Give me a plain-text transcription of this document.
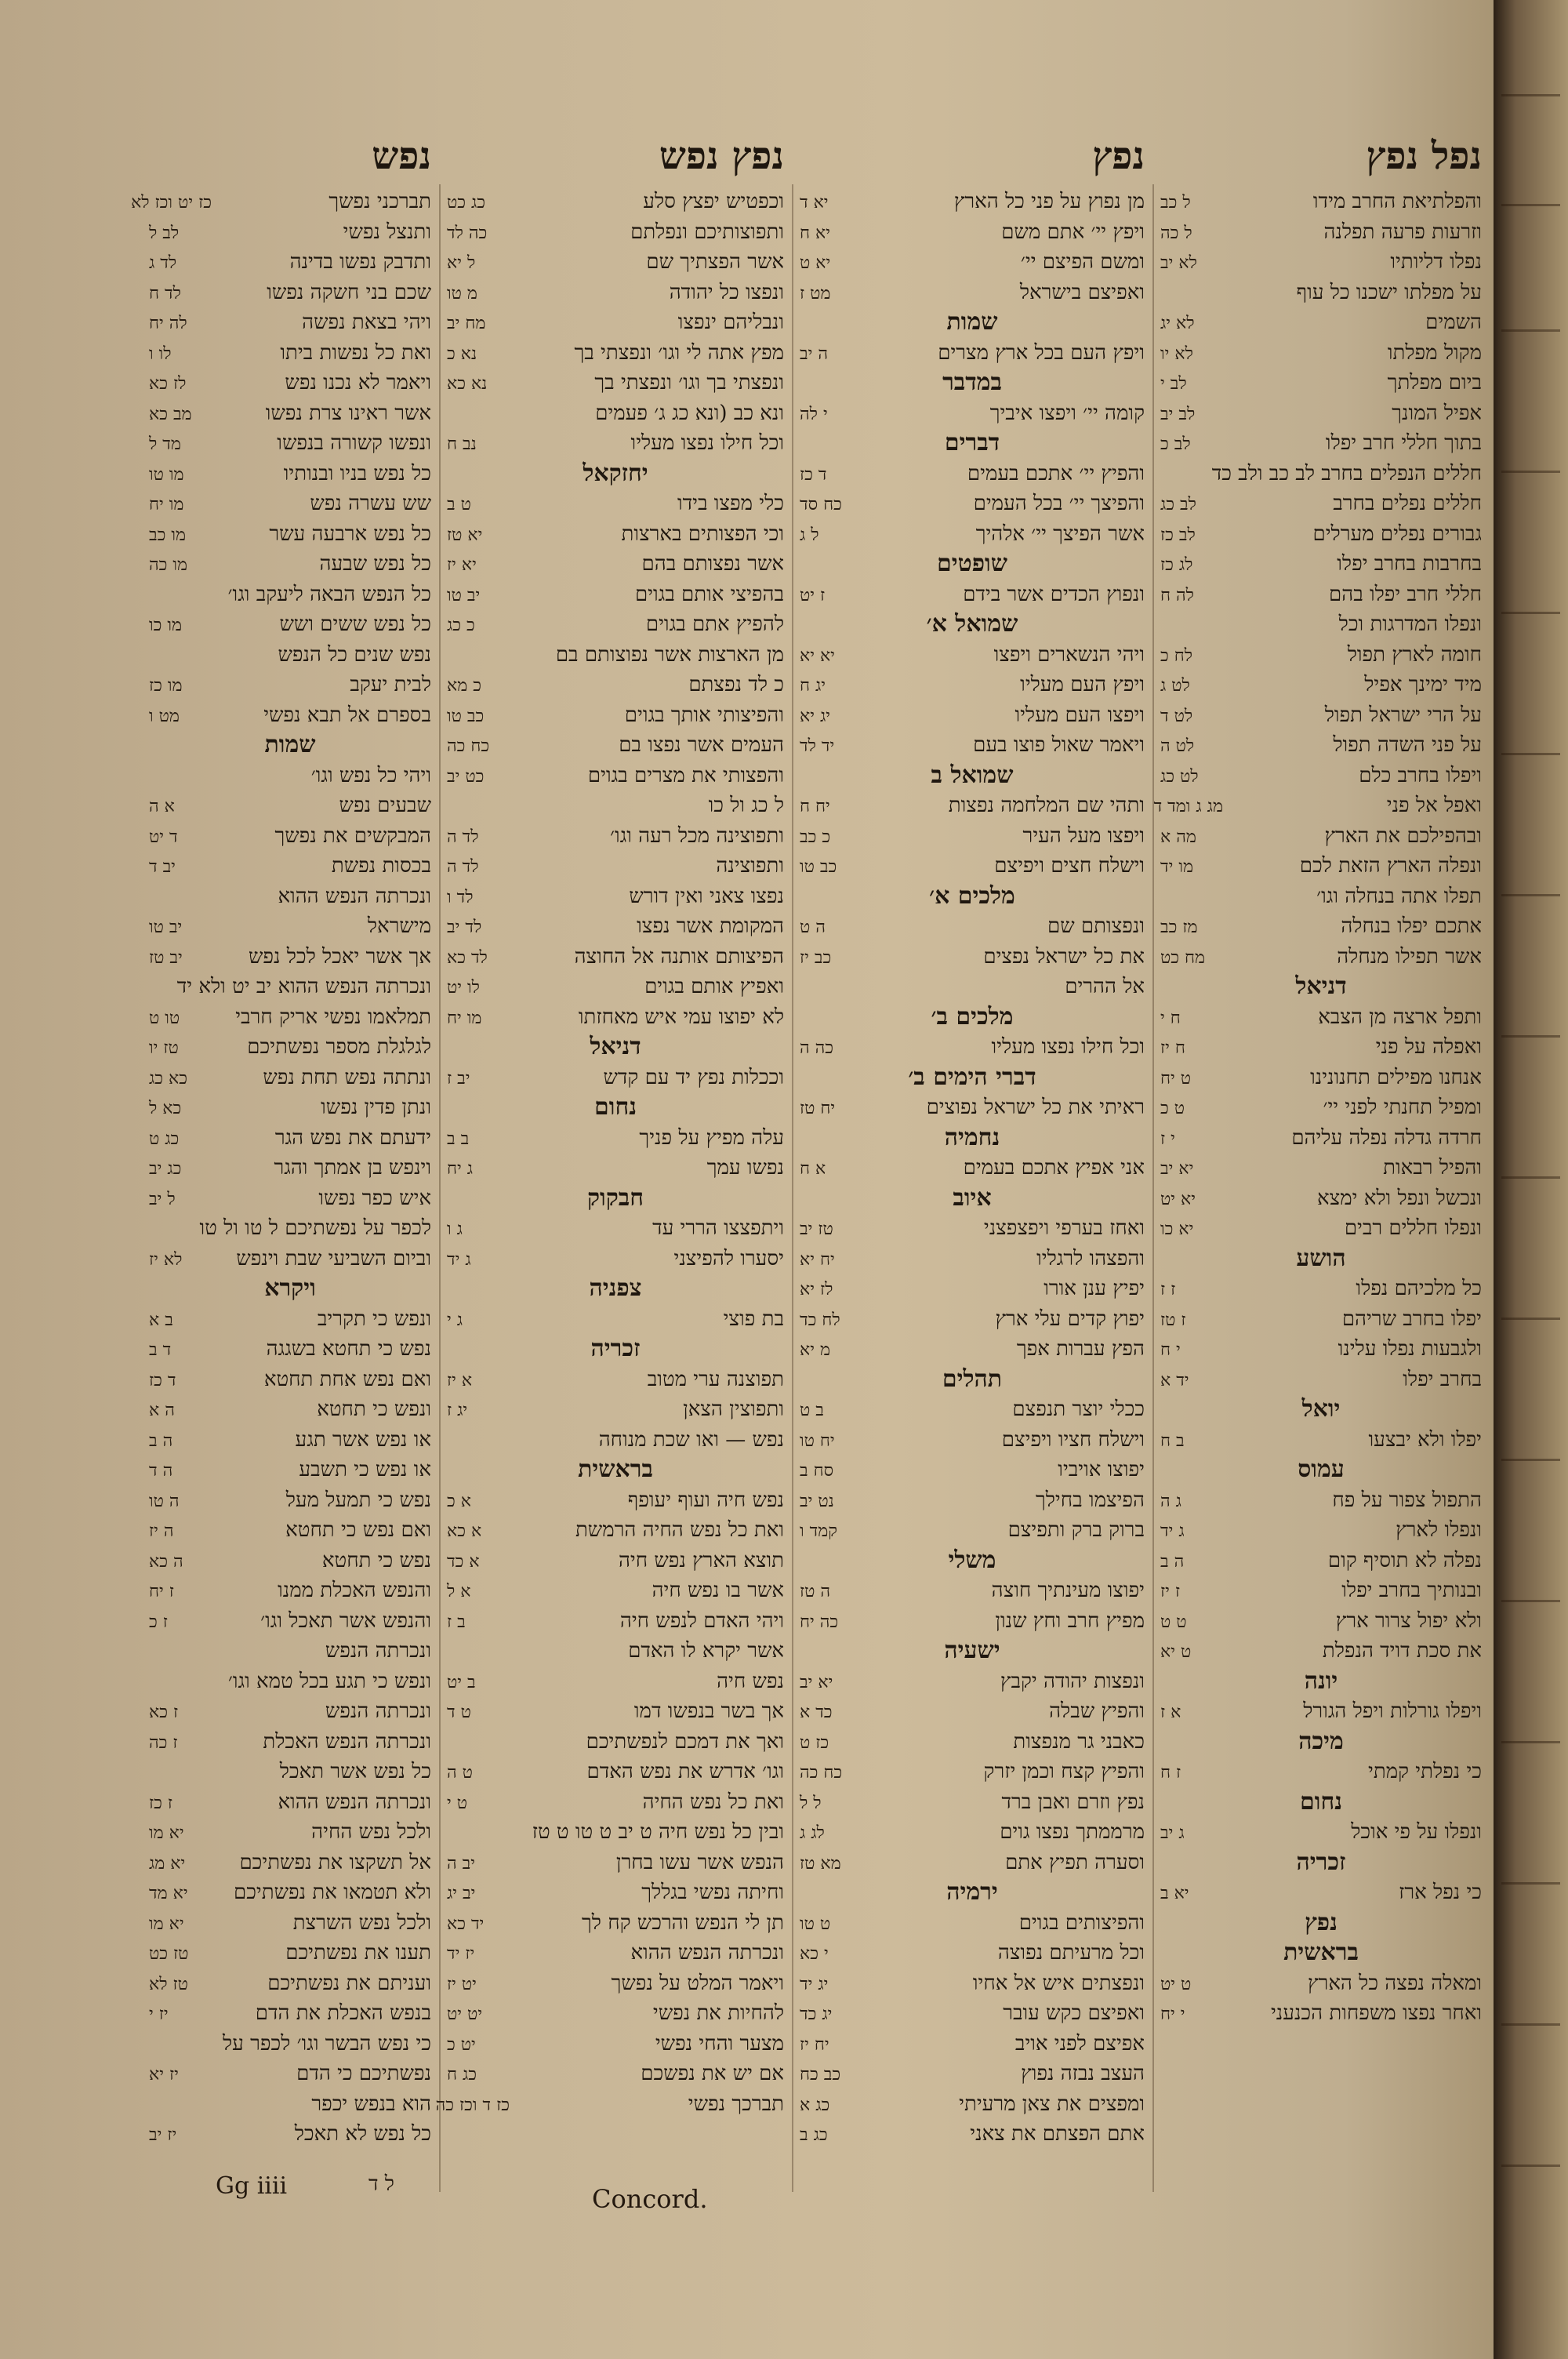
נפל נפץ
והפלתיאת החרב מידו
ל כב
וזרעות פרעה תפלנה
ל כה
נפלו דליותיו
לא יב
על מפלתו ישכנו כל עוף
השמים
לא יג
מקול מפלתו
לא יו
ביום מפלתך
לב י
אפיל המונך
לב יב
בתוך חללי חרב יפלו
לב כ
חללים הנפלים בחרב לב כב ולב כד
חללים נפלים בחרב
לב כג
גבורים נפלים מערלים
לב כז
בחרבות בחרב יפלו
לג כז
חללי חרב יפלו בהם
לה ח
ונפלו המדרגות וכל
חומה לארץ תפול
לח כ
מיד ימינך אפיל
לט ג
על הרי ישראל תפול
לט ד
על פני השדה תפול
לט ה
ויפלו בחרב כלם
לט כג
ואפל אל פני
מג ג ומד ד
ובהפילכם את הארץ
מה א
ונפלה הארץ הזאת לכם
מו יד
תפלו אתה בנחלה וגו׳
אתכם יפלו בנחלה
מז כב
אשר תפילו מנחלה
מח כט
דניאל
ותפל ארצה מן הצבא
ח י
ואפלה על פני
ח יז
אנחנו מפילים תחנונינו
ט יח
ומפיל תחנתי לפני יי׳
ט כ
חרדה גדלה נפלה עליהם
י ז
והפיל רבאות
יא יב
ונכשל ונפל ולא ימצא
יא יט
ונפלו חללים רבים
יא כו
הושע
כל מלכיהם נפלו
ז ז
יפלו בחרב שריהם
ז טז
ולגבעות נפלו עלינו
י ח
בחרב יפלו
יד א
יואל
יפלו ולא יבצעו
ב ח
עמוס
התפול צפור על פח
ג ה
ונפלו לארץ
ג יד
נפלה לא תוסיף קום
ה ב
ובנותיך בחרב יפלו
ז יז
ולא יפול צרור ארץ
ט ט
את סכת דויד הנפלת
ט יא
יונה
ויפלו גורלות ויפל הגורל
א ז
מיכה
כי נפלתי קמתי
ז ח
נחום
ונפלו על פי אוכל
ג יב
זכריה
כי נפל ארז
יא ב
נפץ
בראשית
ומאלה נפצה כל הארץ
ט יט
ואחר נפצו משפחות הכנעני
י יח
נפץ
מן נפוץ על פני כל הארץ
יא ד
ויפץ יי׳ אתם משם
יא ח
ומשם הפיצם יי׳
יא ט
ואפיצם בישראל
מט ז
שמות
ויפץ העם בכל ארץ מצרים
ה יב
במדבר
קומה יי׳ ויפצו איביך
י לה
דברים
והפיץ יי׳ אתכם בעמים
ד כז
והפיצך יי׳ בכל העמים
כח סד
אשר הפיצך יי׳ אלהיך
ל ג
שופטים
ונפוץ הכדים אשר בידם
ז יט
שמואל א׳
ויהי הנשארים ויפצו
יא יא
ויפץ העם מעליו
יג ח
ויפצו העם מעליו
יג יא
ויאמר שאול פוצו בעם
יד לד
שמואל ב
ותהי שם המלחמה נפצות
יח ח
ויפצו מעל העיר
כ כב
וישלח חצים ויפיצם
כב טו
מלכים א׳
ונפצותם שם
ה ט
את כל ישראל נפצים
כב יז
אל ההרים
מלכים ב׳
וכל חילו נפצו מעליו
כה ה
דברי הימים ב׳
ראיתי את כל ישראל נפוצים
יח טז
נחמיה
אני אפיץ אתכם בעמים
א ח
איוב
ואחז בערפי ויפצפצני
טז יב
והפצהו לרגליו
יח יא
יפיץ ענן אורו
לז יא
יפוץ קדים עלי ארץ
לח כד
הפץ עברות אפך
מ יא
תהלים
ככלי יוצר תנפצם
ב ט
וישלח חציו ויפיצם
יח טו
יפוצו אויביו
סח ב
הפיצמו בחילך
נט יב
ברוק ברק ותפיצם
קמד ו
משלי
יפוצו מעינתיך חוצה
ה טז
מפיץ חרב וחץ שנון
כה יח
ישעיה
ונפצות יהודה יקבץ
יא יב
והפיץ שבלה
כד א
כאבני גר מנפצות
כז ט
והפיץ קצח וכמן יזרק
כח כה
נפץ וזרם ואבן ברד
ל ל
מרממתך נפצו גוים
לג ג
וסערה תפיץ אתם
מא טז
ירמיה
והפיצותים בגוים
ט טו
וכל מרעיתם נפוצה
י כא
ונפצתים איש אל אחיו
יג יד
ואפיצם כקש עובר
יג כד
אפיצם לפני אויב
יח יז
העצב נבזה נפוץ
כב כח
ומפצים את צאן מרעיתי
כג א
אתם הפצתם את צאני
כג ב
נפץ נפש
וכפטיש יפצץ סלע
כג כט
ותפוצותיכם ונפלתם
כה לד
אשר הפצתיך שם
ל יא
ונפצו כל יהודה
מ טו
ונבליהם ינפצו
מח יב
מפץ אתה לי וגו׳ ונפצתי בך
נא כ
ונפצתי בך וגו׳ ונפצתי בך
נא כא
ונא כב (ונא כג ג׳ פעמים
וכל חילו נפצו מעליו
נב ח
יחזקאל
כלי מפצו בידו
ט ב
וכי הפצותים בארצות
יא טז
אשר נפצותם בהם
יא יז
בהפיצי אותם בגוים
יב טו
להפיץ אתם בגוים
כ כג
מן הארצות אשר נפוצותם בם
כ לד נפצתם
כ מא
והפיצותי אותך בגוים
כב טו
העמים אשר נפצו בם
כח כה
והפצותי את מצרים בגוים
כט יב
ל כג ול כו
ותפוצינה מכל רעה וגו׳
לד ה
ותפוצינה
לד ה
נפצו צאני ואין דורש
לד ו
המקומת אשר נפצו
לד יב
הפיצותם אותנה אל החוצה
לד כא
ואפיץ אותם בגוים
לו יט
לא יפוצו עמי איש מאחזתו
מו יח
דניאל
וככלות נפץ יד עם קדש
יב ז
נחום
עלה מפיץ על פניך
ב ב
נפשו עמך
ג יח
חבקוק
ויתפצצו הררי עד
ג ו
יסערו להפיצני
ג יד
צפניה
בת פוצי
ג י
זכריה
תפוצנה ערי מטוב
א יז
ותפוצין הצאן
יג ז
נפש — ואו שכת מנוחה
בראשית
נפש חיה ועוף יעופף
א כ
ואת כל נפש החיה הרמשת
א כא
תוצא הארץ נפש חיה
א כד
אשר בו נפש חיה
א ל
ויהי האדם לנפש חיה
ב ז
אשר יקרא לו האדם
נפש חיה
ב יט
אך בשר בנפשו דמו
ט ד
ואך את דמכם לנפשתיכם
וגו׳ אדרש את נפש האדם
ט ה
ואת כל נפש החיה
ט י
ובין כל נפש חיה ט יב ט טו ט טז
הנפש אשר עשו בחרן
יב ה
וחיתה נפשי בגללך
יב יג
תן לי הנפש והרכש קח לך
יד כא
ונכרתה הנפש ההוא
יז יד
ויאמר המלט על נפשך
יט יז
להחיות את נפשי
יט יט
מצער והחי נפשי
יט כ
אם יש את נפשכם
כג ח
תברכך נפשי
כז ד וכז כה
נפש
תברכני נפשך
כז יט וכז לא
ותנצל נפשי
לב ל
ותדבק נפשו בדינה
לד ג
שכם בני חשקה נפשו
לד ח
ויהי בצאת נפשה
לה יח
ואת כל נפשות ביתו
לו ו
ויאמר לא נכנו נפש
לז כא
אשר ראינו צרת נפשו
מב כא
ונפשו קשורה בנפשו
מד ל
כל נפש בניו ובנותיו
מו טו
שש עשרה נפש
מו יח
כל נפש ארבעה עשר
מו כב
כל נפש שבעה
מו כה
כל הנפש הבאה ליעקב וגו׳
כל נפש ששים ושש
מו כו
נפש שנים כל הנפש
לבית יעקב
מו כז
בספרם אל תבא נפשי
מט ו
שמות
ויהי כל נפש וגו׳
שבעים נפש
א ה
המבקשים את נפשך
ד יט
בכסות נפשת
יב ד
ונכרתה הנפש ההוא
מישראל
יב טו
אך אשר יאכל לכל נפש
יב טז
ונכרתה הנפש ההוא יב יט ולא יד
תמלאמו נפשי אריק חרבי
טו ט
לגלגלת מספר נפשתיכם
טז יו
ונתתה נפש תחת נפש
כא כג
ונתן פדין נפשו
כא ל
ידעתם את נפש הגר
כג ט
וינפש בן אמתך והגר
כג יב
איש כפר נפשו
ל יב
לכפר על נפשתיכם ל טו ול טו
וביום השביעי שבת וינפש
לא יז
ויקרא
ונפש כי תקריב
ב א
נפש כי תחטא בשגגה
ד ב
ואם נפש אחת תחטא
ד כז
ונפש כי תחטא
ה א
או נפש אשר תגע
ה ב
או נפש כי תשבע
ה ד
נפש כי תמעל מעל
ה טו
ואם נפש כי תחטא
ה יז
נפש כי תחטא
ה כא
והנפש האכלת ממנו
ז יח
והנפש אשר תאכל וגו׳
ז כ
ונכרתה הנפש
ונפש כי תגע בכל טמא וגו׳
ונכרתה הנפש
ז כא
ונכרתה הנפש האכלת
ז כה
כל נפש אשר תאכל
ונכרתה הנפש ההוא
ז כז
ולכל נפש החיה
יא מו
אל תשקצו את נפשתיכם
יא מג
ולא תטמאו את נפשתיכם
יא מד
ולכל נפש השרצת
יא מו
תענו את נפשתיכם
טז כט
ועניתם את נפשתיכם
טז לא
בנפש האכלת את הדם
יז י
כי נפש הבשר וגו׳ לכפר על
נפשתיכם כי הדם
יז יא
הוא בנפש יכפר
כל נפש לא תאכל
יז יב
Gg iiii	ל ד	Concord.
